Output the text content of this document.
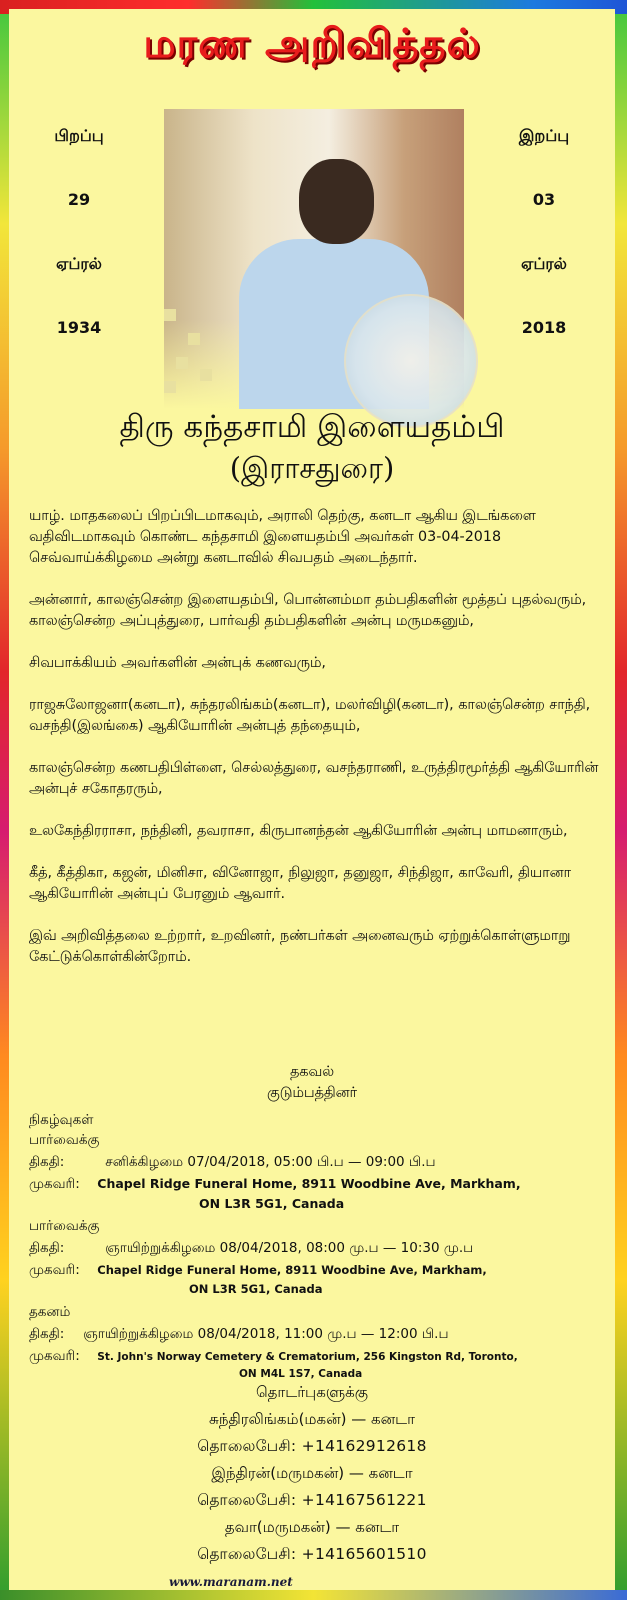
மரண அறிவித்தல்
பிறப்பு
29
ஏப்ரல்
1934
இறப்பு
03
ஏப்ரல்
2018
திரு கந்தசாமி இளையதம்பி
(இராசதுரை)

யாழ். மாதகலைப் பிறப்பிடமாகவும், அராலி தெற்கு, கனடா ஆகிய இடங்களை வதிவிடமாகவும் கொண்ட கந்தசாமி இளையதம்பி அவர்கள் 03-04-2018 செவ்வாய்க்கிழமை அன்று கனடாவில் சிவபதம் அடைந்தார்.

அன்னார், காலஞ்சென்ற இளையதம்பி, பொன்னம்மா தம்பதிகளின் மூத்தப் புதல்வரும், காலஞ்சென்ற அப்புத்துரை, பார்வதி தம்பதிகளின் அன்பு மருமகனும்,

சிவபாக்கியம் அவர்களின் அன்புக் கணவரும்,

ராஜசுலோஜனா(கனடா), சுந்தரலிங்கம்(கனடா), மலர்விழி(கனடா), காலஞ்சென்ற சாந்தி, வசந்தி(இலங்கை) ஆகியோரின் அன்புத் தந்தையும்,

காலஞ்சென்ற கணபதிபிள்ளை, செல்லத்துரை, வசந்தராணி, உருத்திரமூர்த்தி ஆகியோரின் அன்புச் சகோதரரும்,

உலகேந்திரராசா, நந்தினி, தவராசா, கிருபானந்தன் ஆகியோரின் அன்பு மாமனாரும்,

கீத், கீத்திகா, கஜன், மினிசா, வினோஜா, நிலுஜா, தனுஜா, சிந்திஜா, காவேரி, தியானா ஆகியோரின் அன்புப் பேரனும் ஆவார்.

இவ் அறிவித்தலை உற்றார், உறவினர், நண்பர்கள் அனைவரும் ஏற்றுக்கொள்ளுமாறு கேட்டுக்கொள்கின்றோம்.

தகவல்
குடும்பத்தினர்
நிகழ்வுகள்
பார்வைக்கு
திகதி:	சனிக்கிழமை 07/04/2018, 05:00 பி.ப — 09:00 பி.ப
முகவரி: Chapel Ridge Funeral Home, 8911 Woodbine Ave, Markham,
ON L3R 5G1, Canada
பார்வைக்கு
திகதி:	ஞாயிற்றுக்கிழமை 08/04/2018, 08:00 மு.ப — 10:30 மு.ப
முகவரி: Chapel Ridge Funeral Home, 8911 Woodbine Ave, Markham,
ON L3R 5G1, Canada
தகனம்
திகதி: ஞாயிற்றுக்கிழமை 08/04/2018, 11:00 மு.ப — 12:00 பி.ப
முகவரி: St. John's Norway Cemetery & Crematorium, 256 Kingston Rd, Toronto,
ON M4L 1S7, Canada
தொடர்புகளுக்கு
சுந்திரலிங்கம்(மகன்) — கனடா
தொலைபேசி: +14162912618
இந்திரன்(மருமகன்) — கனடா
தொலைபேசி: +14167561221
தவா(மருமகன்) — கனடா
தொலைபேசி: +14165601510
www.maranam.net
